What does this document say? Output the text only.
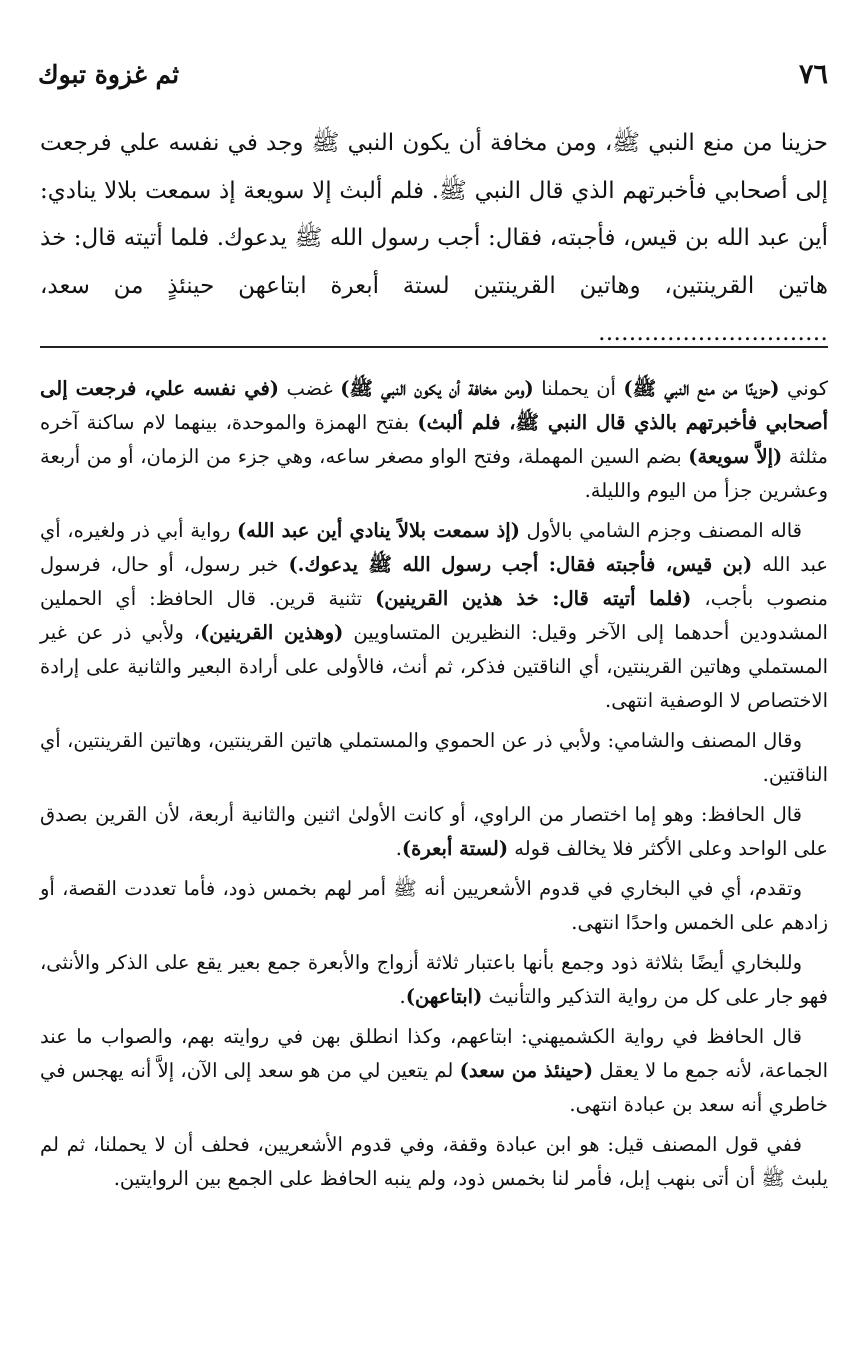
ثم غزوة تبوك	٧٦
حزينا من منع النبي ﷺ، ومن مخافة أن يكون النبي ﷺ وجد في نفسه علي فرجعت إلى أصحابي فأخبرتهم الذي قال النبي ﷺ. فلم ألبث إلا سويعة إذ سمعت بلالا ينادي: أين عبد الله بن قيس، فأجبته، فقال: أجب رسول الله ﷺ يدعوك. فلما أتيته قال: خذ هاتين القرينتين، وهاتين القرينتين لستة أبعرة ابتاعهن حينئذٍ من سعد، …………………………

كوني (حزينًا من منع النبي ﷺ) أن يحملنا (ومن مخافة أن يكون النبي ﷺ) غضب (في نفسه علي، فرجعت إلى أصحابي فأخبرتهم بالذي قال النبي ﷺ، فلم ألبث) بفتح الهمزة والموحدة، بينهما لام ساكنة آخره مثلثة (إلاَّ سويعة) بضم السين المهملة، وفتح الواو مصغر ساعه، وهي جزء من الزمان، أو من أربعة وعشرين جزأ من اليوم والليلة.

قاله المصنف وجزم الشامي بالأول (إذ سمعت بلالاً ينادي أين عبد الله) رواية أبي ذر ولغيره، أي عبد الله (بن قيس، فأجبته فقال: أجب رسول الله ﷺ يدعوك.) خبر رسول، أو حال، فرسول منصوب بأجب، (فلما أتيته قال: خذ هذين القرينين) تثنية قرين. قال الحافظ: أي الحملين المشدودين أحدهما إلى الآخر وقيل: النظيرين المتساويين (وهذين القرينين)، ولأبي ذر عن غير المستملي وهاتين القرينتين، أي الناقتين فذكر، ثم أنث، فالأولى على أرادة البعير والثانية على إرادة الاختصاص لا الوصفية انتهى.

وقال المصنف والشامي: ولأبي ذر عن الحموي والمستملي هاتين القرينتين، وهاتين القرينتين، أي الناقتين.

قال الحافظ: وهو إما اختصار من الراوي، أو كانت الأولىٰ اثنين والثانية أربعة، لأن القرين بصدق على الواحد وعلى الأكثر فلا يخالف قوله (لستة أبعرة).

وتقدم، أي في البخاري في قدوم الأشعريين أنه ﷺ أمر لهم بخمس ذود، فأما تعددت القصة، أو زادهم على الخمس واحدًا انتهى.

وللبخاري أيضًا بثلاثة ذود وجمع بأنها باعتبار ثلاثة أزواج والأبعرة جمع بعير يقع على الذكر والأنثى، فهو جار على كل من رواية التذكير والتأنيث (ابتاعهن).

قال الحافظ في رواية الكشميهني: ابتاعهم، وكذا انطلق بهن في روايته بهم، والصواب ما عند الجماعة، لأنه جمع ما لا يعقل (حينئذ من سعد) لم يتعين لي من هو سعد إلى الآن، إلاَّ أنه يهجس في خاطري أنه سعد بن عبادة انتهى.

ففي قول المصنف قيل: هو ابن عبادة وقفة، وفي قدوم الأشعريين، فحلف أن لا يحملنا، ثم لم يلبث ﷺ أن أتى بنهب إبل، فأمر لنا بخمس ذود، ولم ينبه الحافظ على الجمع بين الروايتين.
